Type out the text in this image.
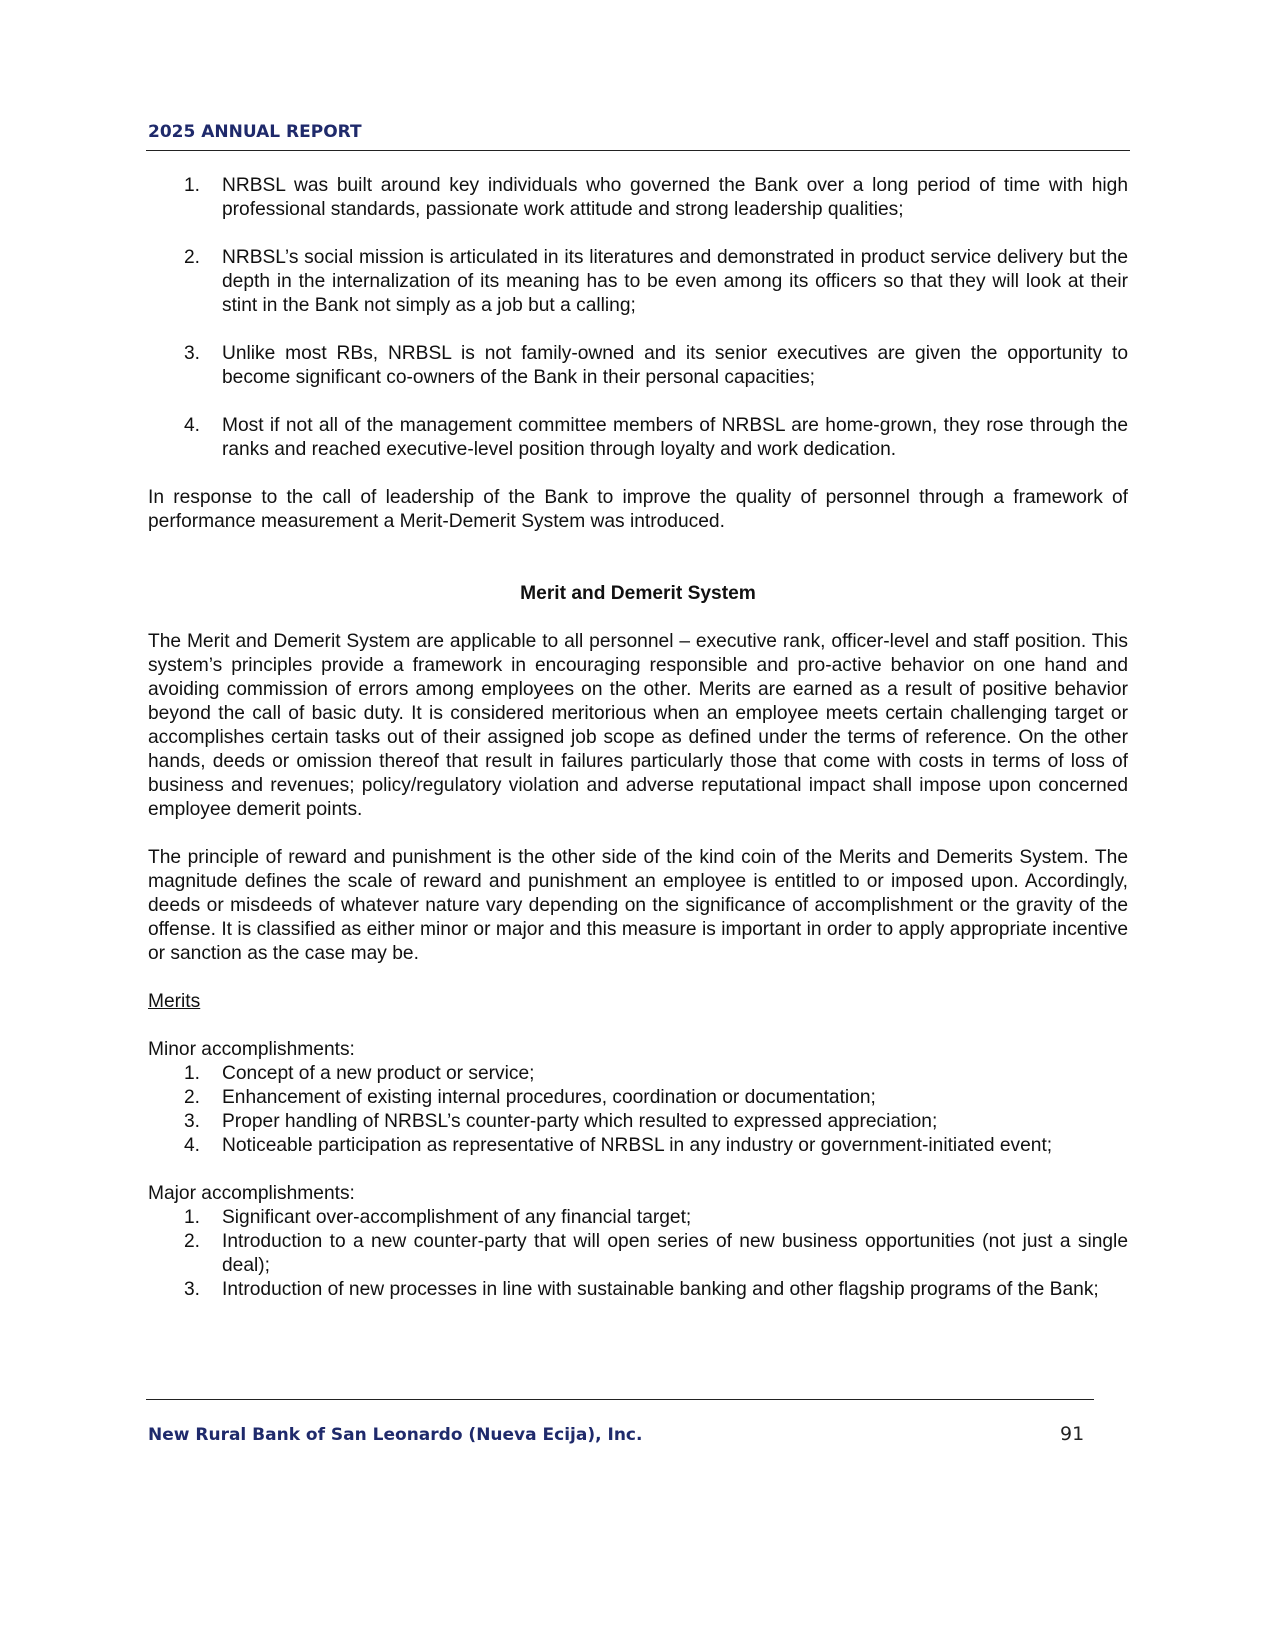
2025 ANNUAL REPORT
1. NRBSL was built around key individuals who governed the Bank over a long period of time with high professional standards, passionate work attitude and strong leadership qualities;
2. NRBSL’s social mission is articulated in its literatures and demonstrated in product service delivery but the depth in the internalization of its meaning has to be even among its officers so that they will look at their stint in the Bank not simply as a job but a calling;
3. Unlike most RBs, NRBSL is not family-owned and its senior executives are given the opportunity to become significant co-owners of the Bank in their personal capacities;
4. Most if not all of the management committee members of NRBSL are home-grown, they rose through the ranks and reached executive-level position through loyalty and work dedication.

In response to the call of leadership of the Bank to improve the quality of personnel through a framework of performance measurement a Merit-Demerit System was introduced.

Merit and Demerit System

The Merit and Demerit System are applicable to all personnel – executive rank, officer-level and staff position. This system’s principles provide a framework in encouraging responsible and pro-active behavior on one hand and avoiding commission of errors among employees on the other. Merits are earned as a result of positive behavior beyond the call of basic duty. It is considered meritorious when an employee meets certain challenging target or accomplishes certain tasks out of their assigned job scope as defined under the terms of reference. On the other hands, deeds or omission thereof that result in failures particularly those that come with costs in terms of loss of business and revenues; policy/regulatory violation and adverse reputational impact shall impose upon concerned employee demerit points.

The principle of reward and punishment is the other side of the kind coin of the Merits and Demerits System. The magnitude defines the scale of reward and punishment an employee is entitled to or imposed upon. Accordingly, deeds or misdeeds of whatever nature vary depending on the significance of accomplishment or the gravity of the offense. It is classified as either minor or major and this measure is important in order to apply appropriate incentive or sanction as the case may be.

Merits

Minor accomplishments:

1. Concept of a new product or service;
2. Enhancement of existing internal procedures, coordination or documentation;
3. Proper handling of NRBSL’s counter-party which resulted to expressed appreciation;
4. Noticeable participation as representative of NRBSL in any industry or government-initiated event;

Major accomplishments:

1. Significant over-accomplishment of any financial target;
2. Introduction to a new counter-party that will open series of new business opportunities (not just a single deal);
3. Introduction of new processes in line with sustainable banking and other flagship programs of the Bank;
New Rural Bank of San Leonardo (Nueva Ecija), Inc.	91
